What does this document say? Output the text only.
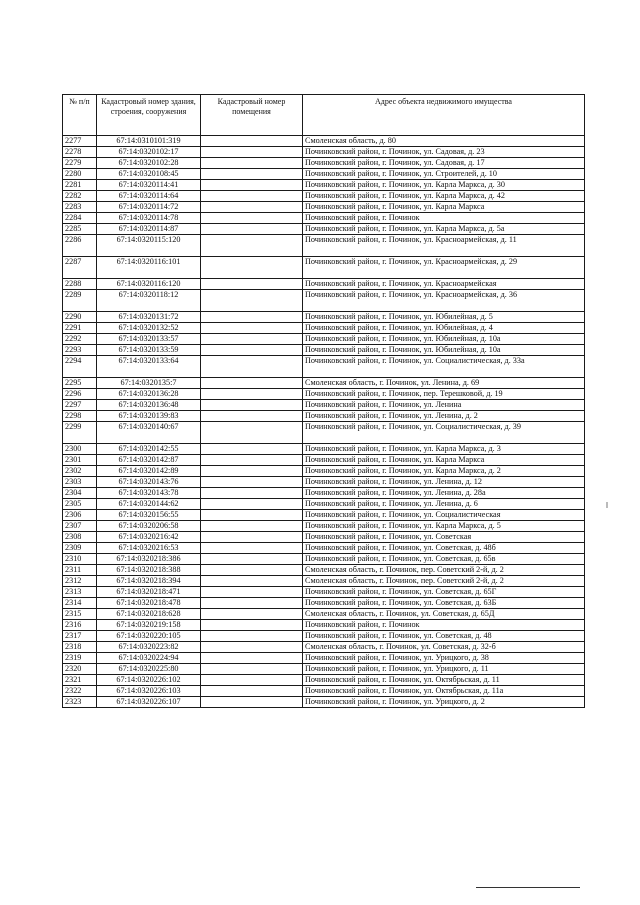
№ п/п	Кадастровый номер здания, строения, сооружения	Кадастровый номер помещения	Адрес объекта недвижимого имущества
2277	67:14:0310101:319		Смоленская область, д. 80
2278	67:14:0320102:17		Починковский район, г. Починок, ул. Садовая, д. 23
2279	67:14:0320102:28		Починковский район, г. Починок, ул. Садовая, д. 17
2280	67:14:0320108:45		Починковский район, г. Починок, ул. Строителей, д. 10
2281	67:14:0320114:41		Починковский район, г. Починок, ул. Карла Маркса, д. 30
2282	67:14:0320114:64		Починковский район, г. Починок, ул. Карла Маркса, д. 42
2283	67:14:0320114:72		Починковский район, г. Починок, ул. Карла Маркса
2284	67:14:0320114:78		Починковский район, г. Починок
2285	67:14:0320114:87		Починковский район, г. Починок, ул. Карла Маркса, д. 5а
2286	67:14:0320115:120		Починковский район, г. Починок, ул. Красноармейская, д. 11
2287	67:14:0320116:101		Починковский район, г. Починок, ул. Красноармейская, д. 29
2288	67:14:0320116:120		Починковский район, г. Починок, ул. Красноармейская
2289	67:14:0320118:12		Починковский район, г. Починок, ул. Красноармейская, д. 36
2290	67:14:0320131:72		Починковский район, г. Починок, ул. Юбилейная, д. 5
2291	67:14:0320132:52		Починковский район, г. Починок, ул. Юбилейная, д. 4
2292	67:14:0320133:57		Починковский район, г. Починок, ул. Юбилейная, д. 10а
2293	67:14:0320133:59		Починковский район, г. Починок, ул. Юбилейная, д. 10а
2294	67:14:0320133:64		Починковский район, г. Починок, ул. Социалистическая, д. 33а
2295	67:14:0320135:7		Смоленская область, г. Починок, ул. Ленина, д. 69
2296	67:14:0320136:28		Починковский район, г. Починок, пер. Терешковой, д. 19
2297	67:14:0320136:48		Починковский район, г. Починок, ул. Ленина
2298	67:14:0320139:83		Починковский район, г. Починок, ул. Ленина, д. 2
2299	67:14:0320140:67		Починковский район, г. Починок, ул. Социалистическая, д. 39
2300	67:14:0320142:55		Починковский район, г. Починок, ул. Карла Маркса, д. 3
2301	67:14:0320142:87		Починковский район, г. Починок, ул. Карла Маркса
2302	67:14:0320142:89		Починковский район, г. Починок, ул. Карла Маркса, д. 2
2303	67:14:0320143:76		Починковский район, г. Починок, ул. Ленина, д. 12
2304	67:14:0320143:78		Починковский район, г. Починок, ул. Ленина, д. 28а
2305	67:14:0320144:62		Починковский район, г. Починок, ул. Ленина, д. 6
2306	67:14:0320156:55		Починковский район, г. Починок, ул. Социалистическая
2307	67:14:0320206:58		Починковский район, г. Починок, ул. Карла Маркса, д. 5
2308	67:14:0320216:42		Починковский район, г. Починок, ул. Советская
2309	67:14:0320216:53		Починковский район, г. Починок, ул. Советская, д. 48б
2310	67:14:0320218:386		Починковский район, г. Починок, ул. Советская, д. 65в
2311	67:14:0320218:388		Смоленская область, г. Починок, пер. Советский 2-й, д. 2
2312	67:14:0320218:394		Смоленская область, г. Починок, пер. Советский 2-й, д. 2
2313	67:14:0320218:471		Починковский район, г. Починок, ул. Советская, д. 65Г
2314	67:14:0320218:478		Починковский район, г. Починок, ул. Советская, д. 63Б
2315	67:14:0320218:628		Смоленская область, г. Починок, ул. Советская, д. 65Д
2316	67:14:0320219:158		Починковский район, г. Починок
2317	67:14:0320220:105		Починковский район, г. Починок, ул. Советская, д. 48
2318	67:14:0320223:82		Смоленская область, г. Починок, ул. Советская, д. 32-б
2319	67:14:0320224:94		Починковский район, г. Починок, ул. Урицкого, д. 38
2320	67:14:0320225:80		Починковский район, г. Починок, ул. Урицкого, д. 11
2321	67:14:0320226:102		Починковский район, г. Починок, ул. Октябрьская, д. 11
2322	67:14:0320226:103		Починковский район, г. Починок, ул. Октябрьская, д. 11а
2323	67:14:0320226:107		Починковский район, г. Починок, ул. Урицкого, д. 2
